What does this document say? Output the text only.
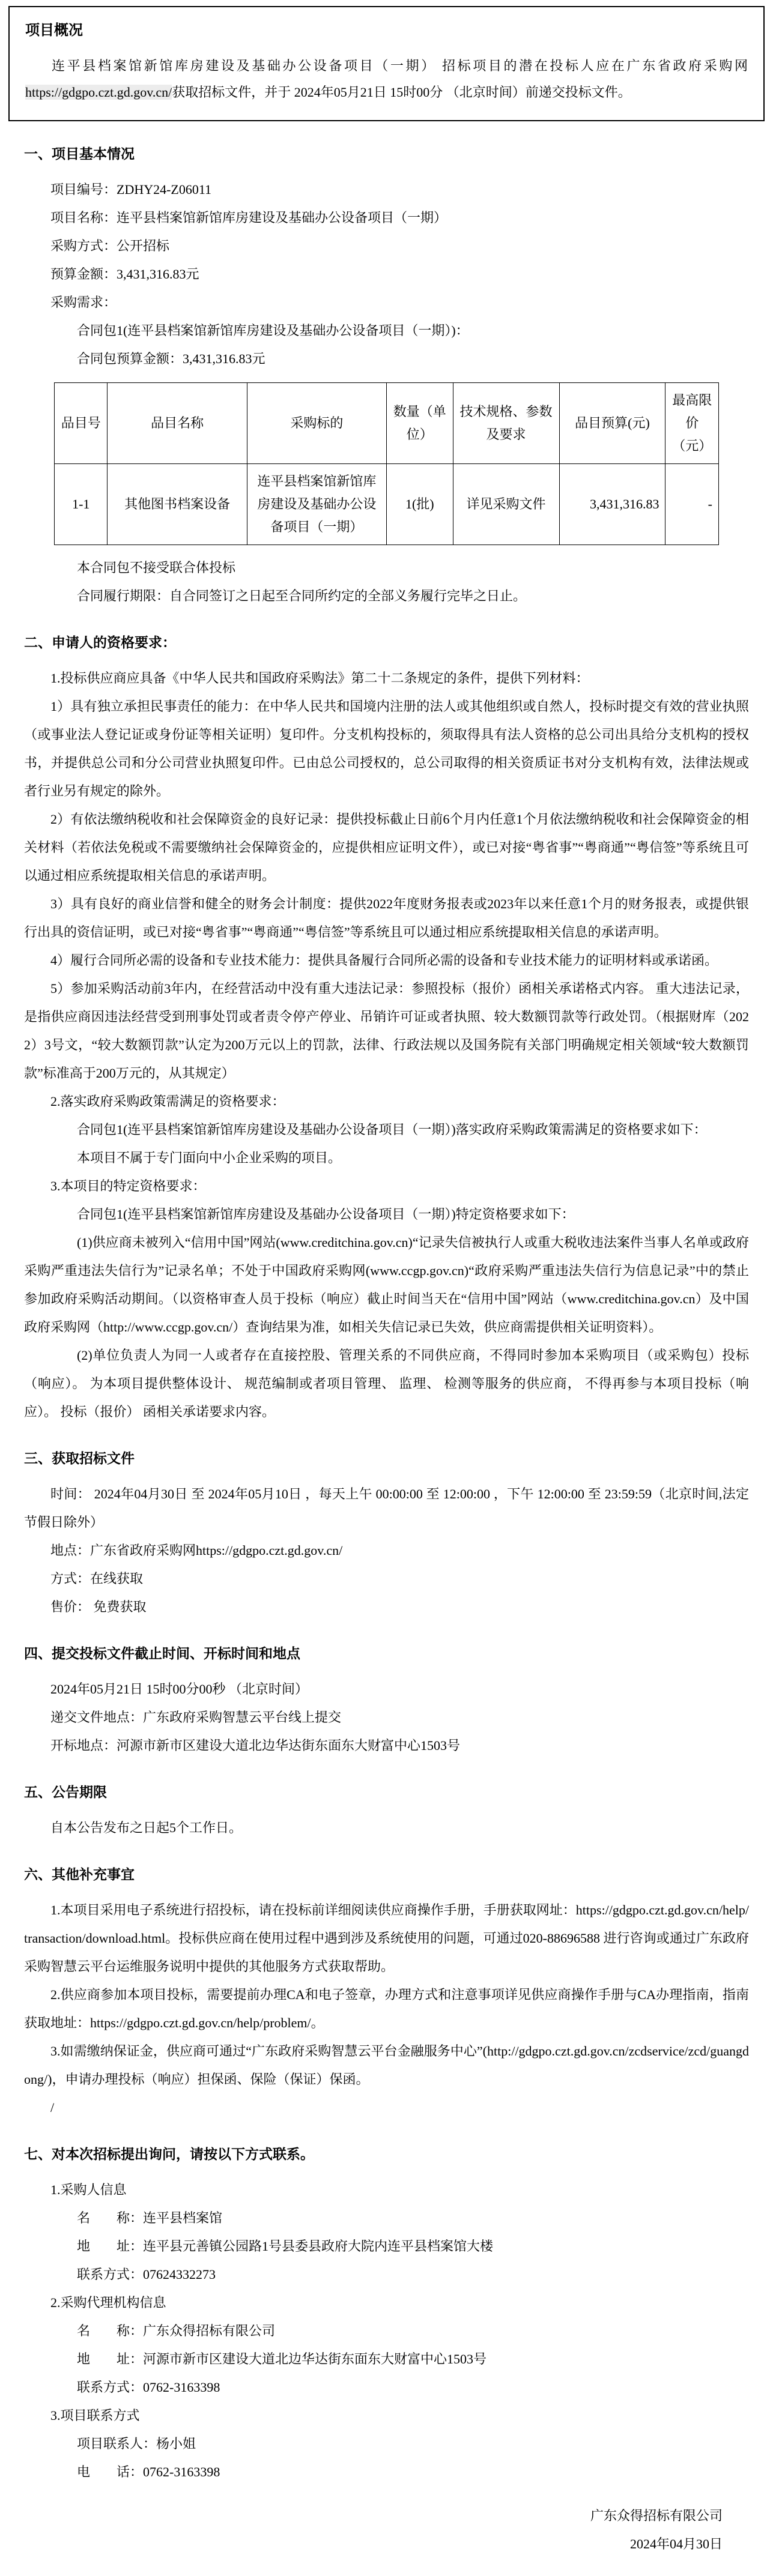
项目概况

连平县档案馆新馆库房建设及基础办公设备项目（一期） 招标项目的潜在投标人应在广东省政府采购网https://gdgpo.czt.gd.gov.cn/获取招标文件，并于 2024年05月21日 15时00分 （北京时间）前递交投标文件。

一、项目基本情况

项目编号：ZDHY24-Z06011

项目名称：连平县档案馆新馆库房建设及基础办公设备项目（一期）

采购方式：公开招标

预算金额：3,431,316.83元

采购需求：

合同包1(连平县档案馆新馆库房建设及基础办公设备项目（一期）)：

合同包预算金额：3,431,316.83元

品目号	品目名称	采购标的	数量（单位）	技术规格、参数及要求	品目预算(元)	最高限价（元）
1-1	其他图书档案设备	连平县档案馆新馆库房建设及基础办公设备项目（一期）	1(批)	详见采购文件	3,431,316.83	-

本合同包不接受联合体投标

合同履行期限：自合同签订之日起至合同所约定的全部义务履行完毕之日止。

二、申请人的资格要求：

1.投标供应商应具备《中华人民共和国政府采购法》第二十二条规定的条件，提供下列材料：

1）具有独立承担民事责任的能力：在中华人民共和国境内注册的法人或其他组织或自然人，投标时提交有效的营业执照（或事业法人登记证或身份证等相关证明）复印件。分支机构投标的，须取得具有法人资格的总公司出具给分支机构的授权书，并提供总公司和分公司营业执照复印件。已由总公司授权的，总公司取得的相关资质证书对分支机构有效，法律法规或者行业另有规定的除外。

2）有依法缴纳税收和社会保障资金的良好记录：提供投标截止日前6个月内任意1个月依法缴纳税收和社会保障资金的相关材料（若依法免税或不需要缴纳社会保障资金的，应提供相应证明文件），或已对接“粤省事”“粤商通”“粤信签”等系统且可以通过相应系统提取相关信息的承诺声明。

3）具有良好的商业信誉和健全的财务会计制度：提供2022年度财务报表或2023年以来任意1个月的财务报表，或提供银行出具的资信证明，或已对接“粤省事”“粤商通”“粤信签”等系统且可以通过相应系统提取相关信息的承诺声明。

4）履行合同所必需的设备和专业技术能力：提供具备履行合同所必需的设备和专业技术能力的证明材料或承诺函。

5）参加采购活动前3年内，在经营活动中没有重大违法记录：参照投标（报价）函相关承诺格式内容。 重大违法记录，是指供应商因违法经营受到刑事处罚或者责令停产停业、吊销许可证或者执照、较大数额罚款等行政处罚。（根据财库（2022）3号文，“较大数额罚款”认定为200万元以上的罚款，法律、行政法规以及国务院有关部门明确规定相关领域“较大数额罚款”标准高于200万元的，从其规定）

2.落实政府采购政策需满足的资格要求：

合同包1(连平县档案馆新馆库房建设及基础办公设备项目（一期）)落实政府采购政策需满足的资格要求如下：

本项目不属于专门面向中小企业采购的项目。

3.本项目的特定资格要求：

合同包1(连平县档案馆新馆库房建设及基础办公设备项目（一期）)特定资格要求如下：

(1)供应商未被列入“信用中国”网站(www.creditchina.gov.cn)“记录失信被执行人或重大税收违法案件当事人名单或政府采购严重违法失信行为”记录名单；不处于中国政府采购网(www.ccgp.gov.cn)“政府采购严重违法失信行为信息记录”中的禁止参加政府采购活动期间。（以资格审查人员于投标（响应）截止时间当天在“信用中国”网站（www.creditchina.gov.cn）及中国政府采购网（http://www.ccgp.gov.cn/）查询结果为准，如相关失信记录已失效，供应商需提供相关证明资料）。

(2)单位负责人为同一人或者存在直接控股、管理关系的不同供应商，不得同时参加本采购项目（或采购包）投标（响应）。 为本项目提供整体设计、 规范编制或者项目管理、 监理、 检测等服务的供应商， 不得再参与本项目投标（响应）。 投标（报价） 函相关承诺要求内容。

三、获取招标文件

时间： 2024年04月30日 至 2024年05月10日 ，每天上午 00:00:00 至 12:00:00 ，下午 12:00:00 至 23:59:59（北京时间,法定节假日除外）

地点：广东省政府采购网https://gdgpo.czt.gd.gov.cn/

方式：在线获取

售价： 免费获取

四、提交投标文件截止时间、开标时间和地点

2024年05月21日 15时00分00秒 （北京时间）

递交文件地点：广东政府采购智慧云平台线上提交

开标地点：河源市新市区建设大道北边华达街东面东大财富中心1503号

五、公告期限

自本公告发布之日起5个工作日。

六、其他补充事宜

1.本项目采用电子系统进行招投标，请在投标前详细阅读供应商操作手册，手册获取网址：https://gdgpo.czt.gd.gov.cn/help/transaction/download.html。投标供应商在使用过程中遇到涉及系统使用的问题，可通过020-88696588 进行咨询或通过广东政府采购智慧云平台运维服务说明中提供的其他服务方式获取帮助。

2.供应商参加本项目投标，需要提前办理CA和电子签章，办理方式和注意事项详见供应商操作手册与CA办理指南，指南获取地址：https://gdgpo.czt.gd.gov.cn/help/problem/。

3.如需缴纳保证金，供应商可通过“广东政府采购智慧云平台金融服务中心”(http://gdgpo.czt.gd.gov.cn/zcdservice/zcd/guangdong/)，申请办理投标（响应）担保函、保险（保证）保函。

/

七、对本次招标提出询问，请按以下方式联系。

1.采购人信息

名　　称：连平县档案馆

地　　址：连平县元善镇公园路1号县委县政府大院内连平县档案馆大楼

联系方式：07624332273

2.采购代理机构信息

名　　称：广东众得招标有限公司

地　　址：河源市新市区建设大道北边华达街东面东大财富中心1503号

联系方式：0762-3163398

3.项目联系方式

项目联系人：杨小姐

电　　话：0762-3163398

广东众得招标有限公司

2024年04月30日
